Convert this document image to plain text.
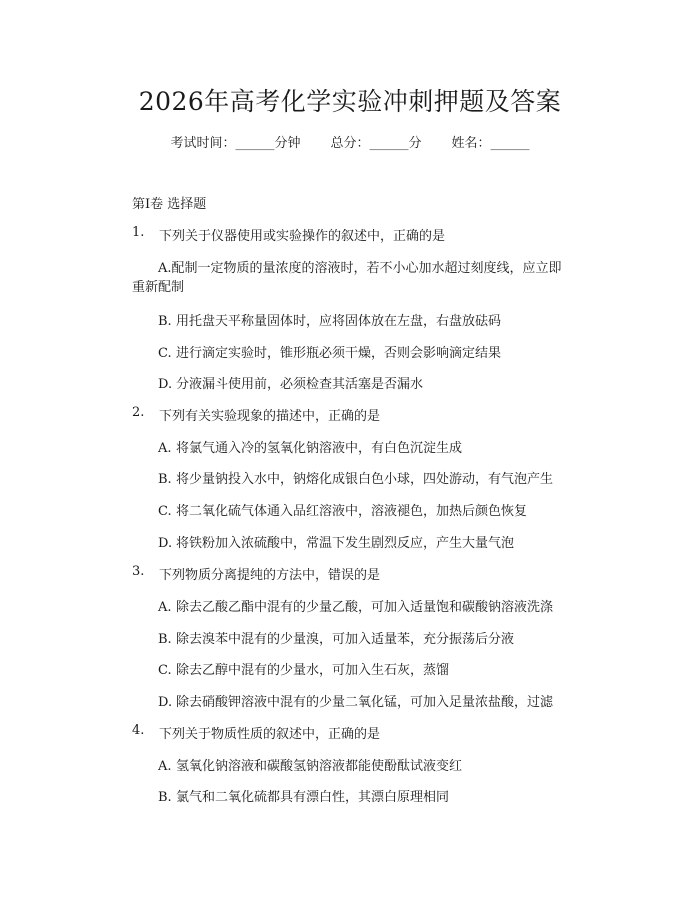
2026年高考化学实验冲刺押题及答案
考试时间：______分钟 总分：______分 姓名：______
第Ⅰ卷 选择题
1. 下列关于仪器使用或实验操作的叙述中，正确的是
A.配制一定物质的量浓度的溶液时，若不小心加水超过刻度线，应立即
重新配制
B. 用托盘天平称量固体时，应将固体放在左盘，右盘放砝码
C. 进行滴定实验时，锥形瓶必须干燥，否则会影响滴定结果
D. 分液漏斗使用前，必须检查其活塞是否漏水
2. 下列有关实验现象的描述中，正确的是
A. 将氯气通入冷的氢氧化钠溶液中，有白色沉淀生成
B. 将少量钠投入水中，钠熔化成银白色小球，四处游动，有气泡产生
C. 将二氧化硫气体通入品红溶液中，溶液褪色，加热后颜色恢复
D. 将铁粉加入浓硫酸中，常温下发生剧烈反应，产生大量气泡
3. 下列物质分离提纯的方法中，错误的是
A. 除去乙酸乙酯中混有的少量乙酸，可加入适量饱和碳酸钠溶液洗涤
B. 除去溴苯中混有的少量溴，可加入适量苯，充分振荡后分液
C. 除去乙醇中混有的少量水，可加入生石灰，蒸馏
D. 除去硝酸钾溶液中混有的少量二氧化锰，可加入足量浓盐酸，过滤
4. 下列关于物质性质的叙述中，正确的是
A. 氢氧化钠溶液和碳酸氢钠溶液都能使酚酞试液变红
B. 氯气和二氧化硫都具有漂白性，其漂白原理相同
